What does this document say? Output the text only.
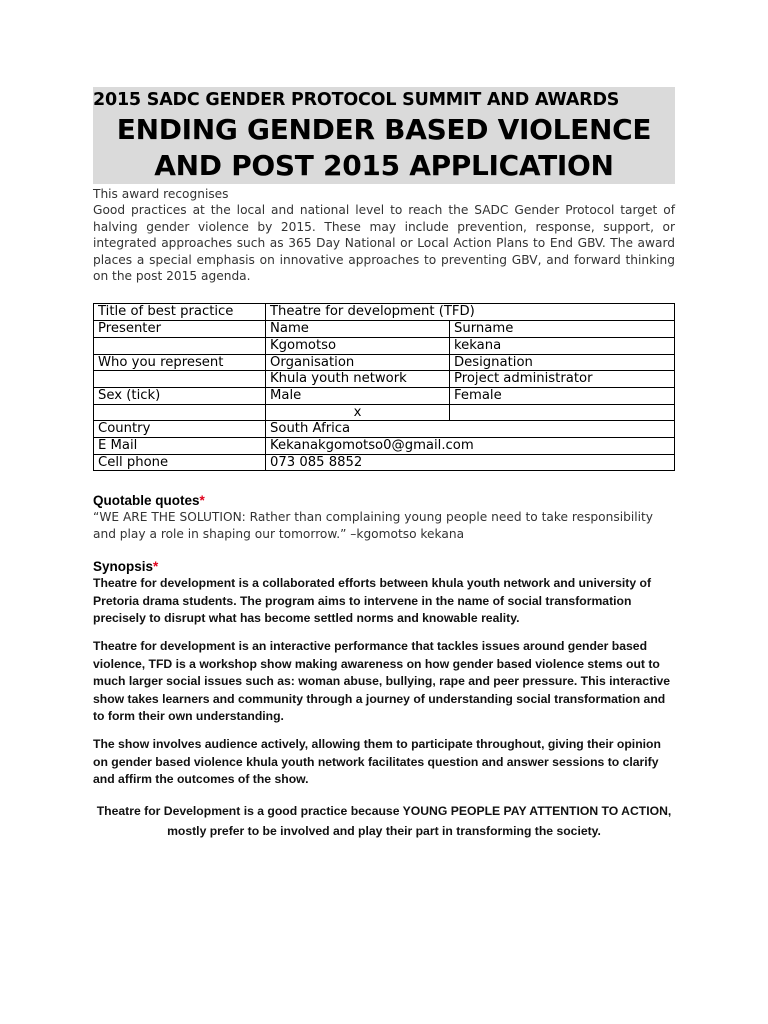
2015 SADC GENDER PROTOCOL SUMMIT AND AWARDS
ENDING GENDER BASED VIOLENCE
AND POST 2015 APPLICATION
This award recognises
Good practices at the local and national level to reach the SADC Gender Protocol target of halving gender violence by 2015. These may include prevention, response, support, or integrated approaches such as 365 Day National or Local Action Plans to End GBV. The award places a special emphasis on innovative approaches to preventing GBV, and forward thinking on the post 2015 agenda.
Title of best practice	Theatre for development (TFD)	
Presenter	Name	Surname
	Kgomotso	kekana
Who you represent	Organisation	Designation
	Khula youth network	Project administrator
Sex (tick)	Male	Female
	x	
Country	South Africa	
E Mail	Kekanakgomotso0@gmail.com	
Cell phone	073 085 8852	
Quotable quotes*
“WE ARE THE SOLUTION: Rather than complaining young people need to take responsibility and play a role in shaping our tomorrow.” –kgomotso kekana
Synopsis*

Theatre for development is a collaborated efforts between khula youth network and university of Pretoria drama students. The program aims to intervene in the name of social transformation precisely to disrupt what has become settled norms and knowable reality.

Theatre for development is an interactive performance that tackles issues around gender based violence, TFD is a workshop show making awareness on how gender based violence stems out to much larger social issues such as: woman abuse, bullying, rape and peer pressure. This interactive show takes learners and community through a journey of understanding social transformation and to form their own understanding.

The show involves audience actively, allowing them to participate throughout, giving their opinion on gender based violence khula youth network facilitates question and answer sessions to clarify and affirm the outcomes of the show.

Theatre for Development is a good practice because YOUNG PEOPLE PAY ATTENTION TO ACTION, mostly prefer to be involved and play their part in transforming the society.
